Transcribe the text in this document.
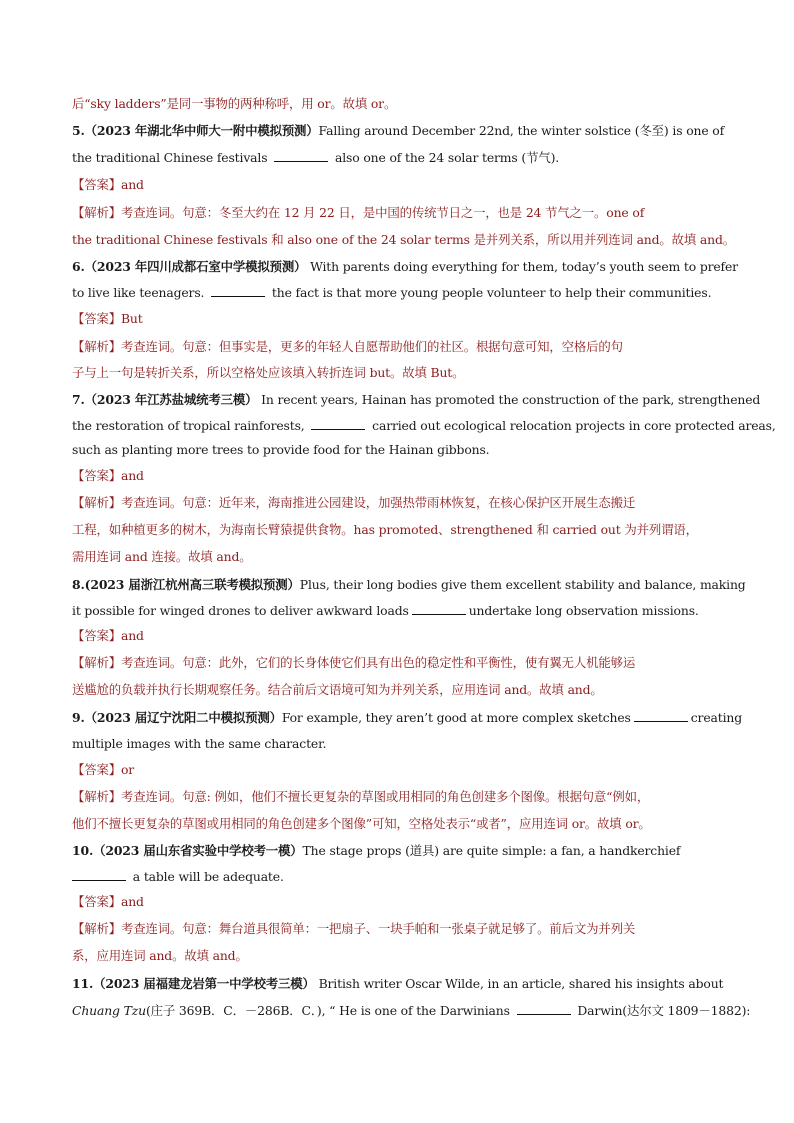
后“sky ladders”是同一事物的两种称呼，用 or。故填 or。
5.（2023 年湖北华中师大一附中模拟预测）Falling around December 22nd, the winter solstice (冬至) is one of
the traditional Chinese festivals	also one of the 24 solar terms (节气).
【答案】and
【解析】考查连词。句意：冬至大约在 12 月 22 日，是中国的传统节日之一，也是 24 节气之一。one of
the traditional Chinese festivals 和 also one of the 24 solar terms 是并列关系，所以用并列连词 and。故填 and。
6.（2023 年四川成都石室中学模拟预测） With parents doing everything for them, today’s youth seem to prefer
to live like teenagers.	the fact is that more young people volunteer to help their communities.
【答案】But
【解析】考查连词。句意：但事实是，更多的年轻人自愿帮助他们的社区。根据句意可知，空格后的句
子与上一句是转折关系，所以空格处应该填入转折连词 but。故填 But。
7.（2023 年江苏盐城统考三模） In recent years, Hainan has promoted the construction of the park, strengthened
the restoration of tropical rainforests,	carried out ecological relocation projects in core protected areas,
such as planting more trees to provide food for the Hainan gibbons.
【答案】and
【解析】考查连词。句意：近年来，海南推进公园建设，加强热带雨林恢复，在核心保护区开展生态搬迁
工程，如种植更多的树木，为海南长臂猿提供食物。has promoted、strengthened 和 carried out 为并列谓语，
需用连词 and 连接。故填 and。
8.(2023 届浙江杭州高三联考模拟预测）Plus, their long bodies give them excellent stability and balance, making
it possible for winged drones to deliver awkward loads	undertake long observation missions.
【答案】and
【解析】考查连词。句意：此外，它们的长身体使它们具有出色的稳定性和平衡性，使有翼无人机能够运
送尴尬的负载并执行长期观察任务。结合前后文语境可知为并列关系，应用连词 and。故填 and。
9.（2023 届辽宁沈阳二中模拟预测）For example, they aren’t good at more complex sketches	creating
multiple images with the same character.
【答案】or
【解析】考查连词。句意: 例如，他们不擅长更复杂的草图或用相同的角色创建多个图像。根据句意“例如，
他们不擅长更复杂的草图或用相同的角色创建多个图像”可知，空格处表示“或者”，应用连词 or。故填 or。
10.（2023 届山东省实验中学校考一模）The stage props (道具) are quite simple: a fan, a handkerchief
a table will be adequate.
【答案】and
【解析】考查连词。句意：舞台道具很简单：一把扇子、一块手帕和一张桌子就足够了。前后文为并列关
系，应用连词 and。故填 and。
11.（2023 届福建龙岩第一中学校考三模） British writer Oscar Wilde, in an article, shared his insights about
Chuang Tzu(庄子 369B．C．－286B．C．), “ He is one of the Darwinians	Darwin(达尔文 1809－1882):
